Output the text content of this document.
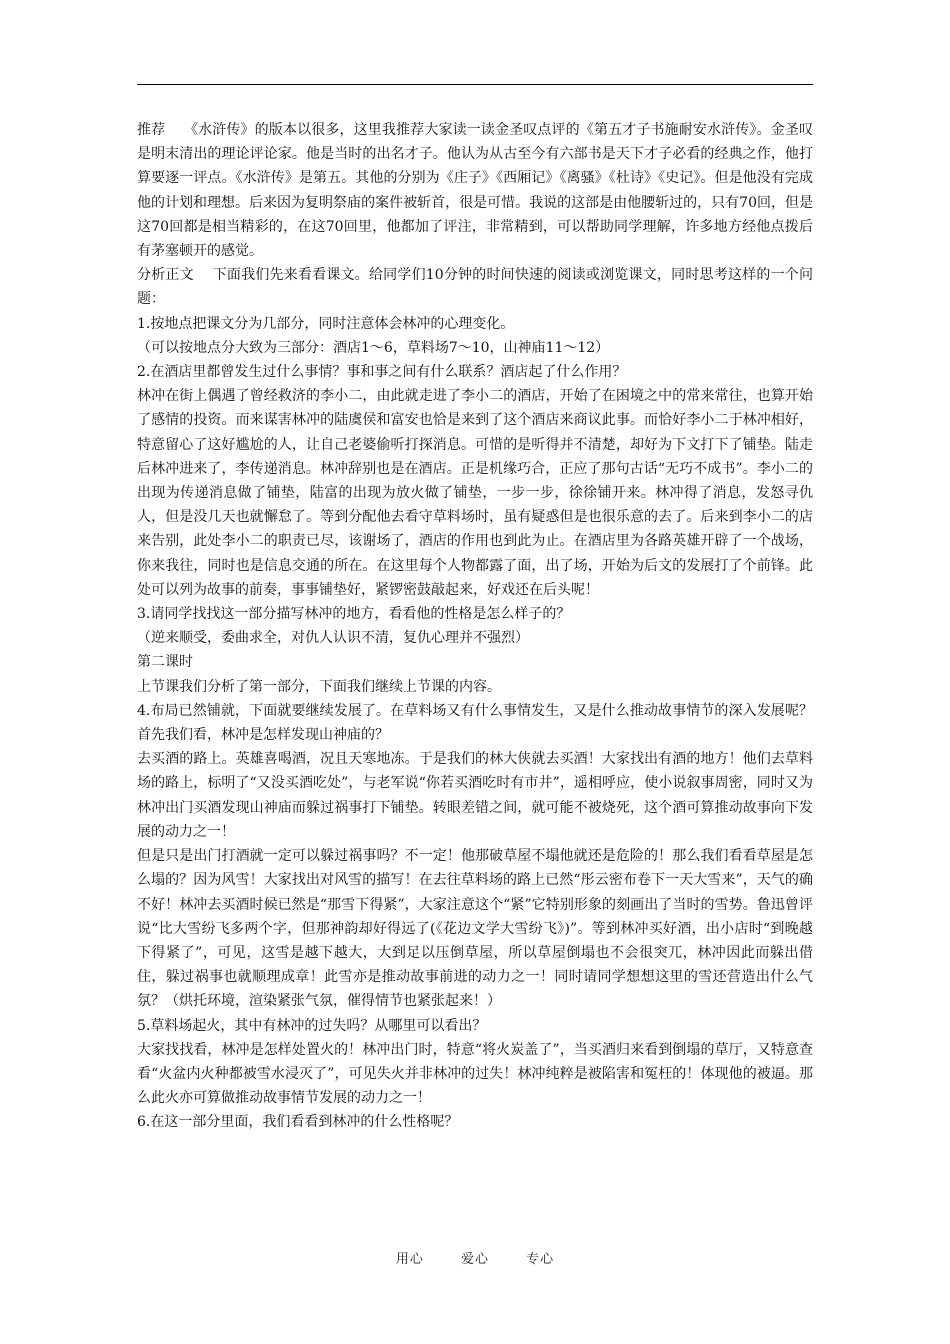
推荐　 《水浒传》的版本以很多，这里我推荐大家读一读金圣叹点评的《第五才子书施耐安水浒传》。金圣叹是明末清出的理论评论家。他是当时的出名才子。他认为从古至今有六部书是天下才子必看的经典之作，他打算要逐一评点。《水浒传》是第五。其他的分别为《庄子》《西厢记》《离骚》《杜诗》《史记》。但是他没有完成他的计划和理想。后来因为复明祭庙的案件被斩首，很是可惜。我说的这部是由他腰斩过的，只有70回，但是这70回都是相当精彩的，在这70回里，他都加了评注，非常精到，可以帮助同学理解，许多地方经他点拨后有茅塞顿开的感觉。

分析正文　 下面我们先来看看课文。给同学们10分钟的时间快速的阅读或浏览课文，同时思考这样的一个问题：

1.按地点把课文分为几部分，同时注意体会林冲的心理变化。

（可以按地点分大致为三部分：酒店1～6，草料场7～10，山神庙11～12）

2.在酒店里都曾发生过什么事情？事和事之间有什么联系？酒店起了什么作用？

林冲在街上偶遇了曾经救济的李小二，由此就走进了李小二的酒店，开始了在困境之中的常来常往，也算开始了感情的投资。而来谋害林冲的陆虞侯和富安也恰是来到了这个酒店来商议此事。而恰好李小二于林冲相好，特意留心了这好尴尬的人，让自己老婆偷听打探消息。可惜的是听得并不清楚，却好为下文打下了铺垫。陆走后林冲进来了，李传递消息。林冲辞别也是在酒店。正是机缘巧合，正应了那句古话“无巧不成书”。李小二的出现为传递消息做了铺垫，陆富的出现为放火做了铺垫，一步一步，徐徐铺开来。林冲得了消息，发怒寻仇人，但是没几天也就懈怠了。等到分配他去看守草料场时，虽有疑惑但是也很乐意的去了。后来到李小二的店来告别，此处李小二的职责已尽，该谢场了，酒店的作用也到此为止。在酒店里为各路英雄开辟了一个战场，你来我往，同时也是信息交通的所在。在这里每个人物都露了面，出了场，开始为后文的发展打了个前锋。此处可以列为故事的前奏，事事铺垫好，紧锣密鼓敲起来，好戏还在后头呢！

3.请同学找找这一部分描写林冲的地方，看看他的性格是怎么样子的？

（逆来顺受，委曲求全，对仇人认识不清，复仇心理并不强烈）

第二课时

上节课我们分析了第一部分，下面我们继续上节课的内容。

4.布局已然铺就，下面就要继续发展了。在草料场又有什么事情发生，又是什么推动故事情节的深入发展呢？首先我们看，林冲是怎样发现山神庙的？

去买酒的路上。英雄喜喝酒，况且天寒地冻。于是我们的林大侠就去买酒！大家找出有酒的地方！他们去草料场的路上，标明了“又没买酒吃处”，与老军说“你若买酒吃时有市井”，遥相呼应，使小说叙事周密，同时又为林冲出门买酒发现山神庙而躲过祸事打下铺垫。转眼差错之间，就可能不被烧死，这个酒可算推动故事向下发展的动力之一！

但是只是出门打酒就一定可以躲过祸事吗？不一定！他那破草屋不塌他就还是危险的！那么我们看看草屋是怎么塌的？因为风雪！大家找出对风雪的描写！在去往草料场的路上已然“彤云密布卷下一天大雪来”，天气的确不好！林冲去买酒时候已然是“那雪下得紧”，大家注意这个“紧”它特别形象的刻画出了当时的雪势。鲁迅曾评说“比大雪纷飞多两个字，但那神韵却好得远了(《花边文学大雪纷飞》)”。等到林冲买好酒，出小店时“到晚越下得紧了”，可见，这雪是越下越大，大到足以压倒草屋，所以草屋倒塌也不会很突兀，林冲因此而躲出借住，躲过祸事也就顺理成章！此雪亦是推动故事前进的动力之一！同时请同学想想这里的雪还营造出什么气氛？（烘托环境，渲染紧张气氛，催得情节也紧张起来！）

5.草料场起火，其中有林冲的过失吗？从哪里可以看出？

大家找找看，林冲是怎样处置火的！林冲出门时，特意“将火炭盖了”，当买酒归来看到倒塌的草厅，又特意查看“火盆内火种都被雪水浸灭了”，可见失火并非林冲的过失！林冲纯粹是被陷害和冤枉的！体现他的被逼。那么此火亦可算做推动故事情节发展的动力之一！

6.在这一部分里面，我们看看到林冲的什么性格呢？

用心　 爱心　 专心
